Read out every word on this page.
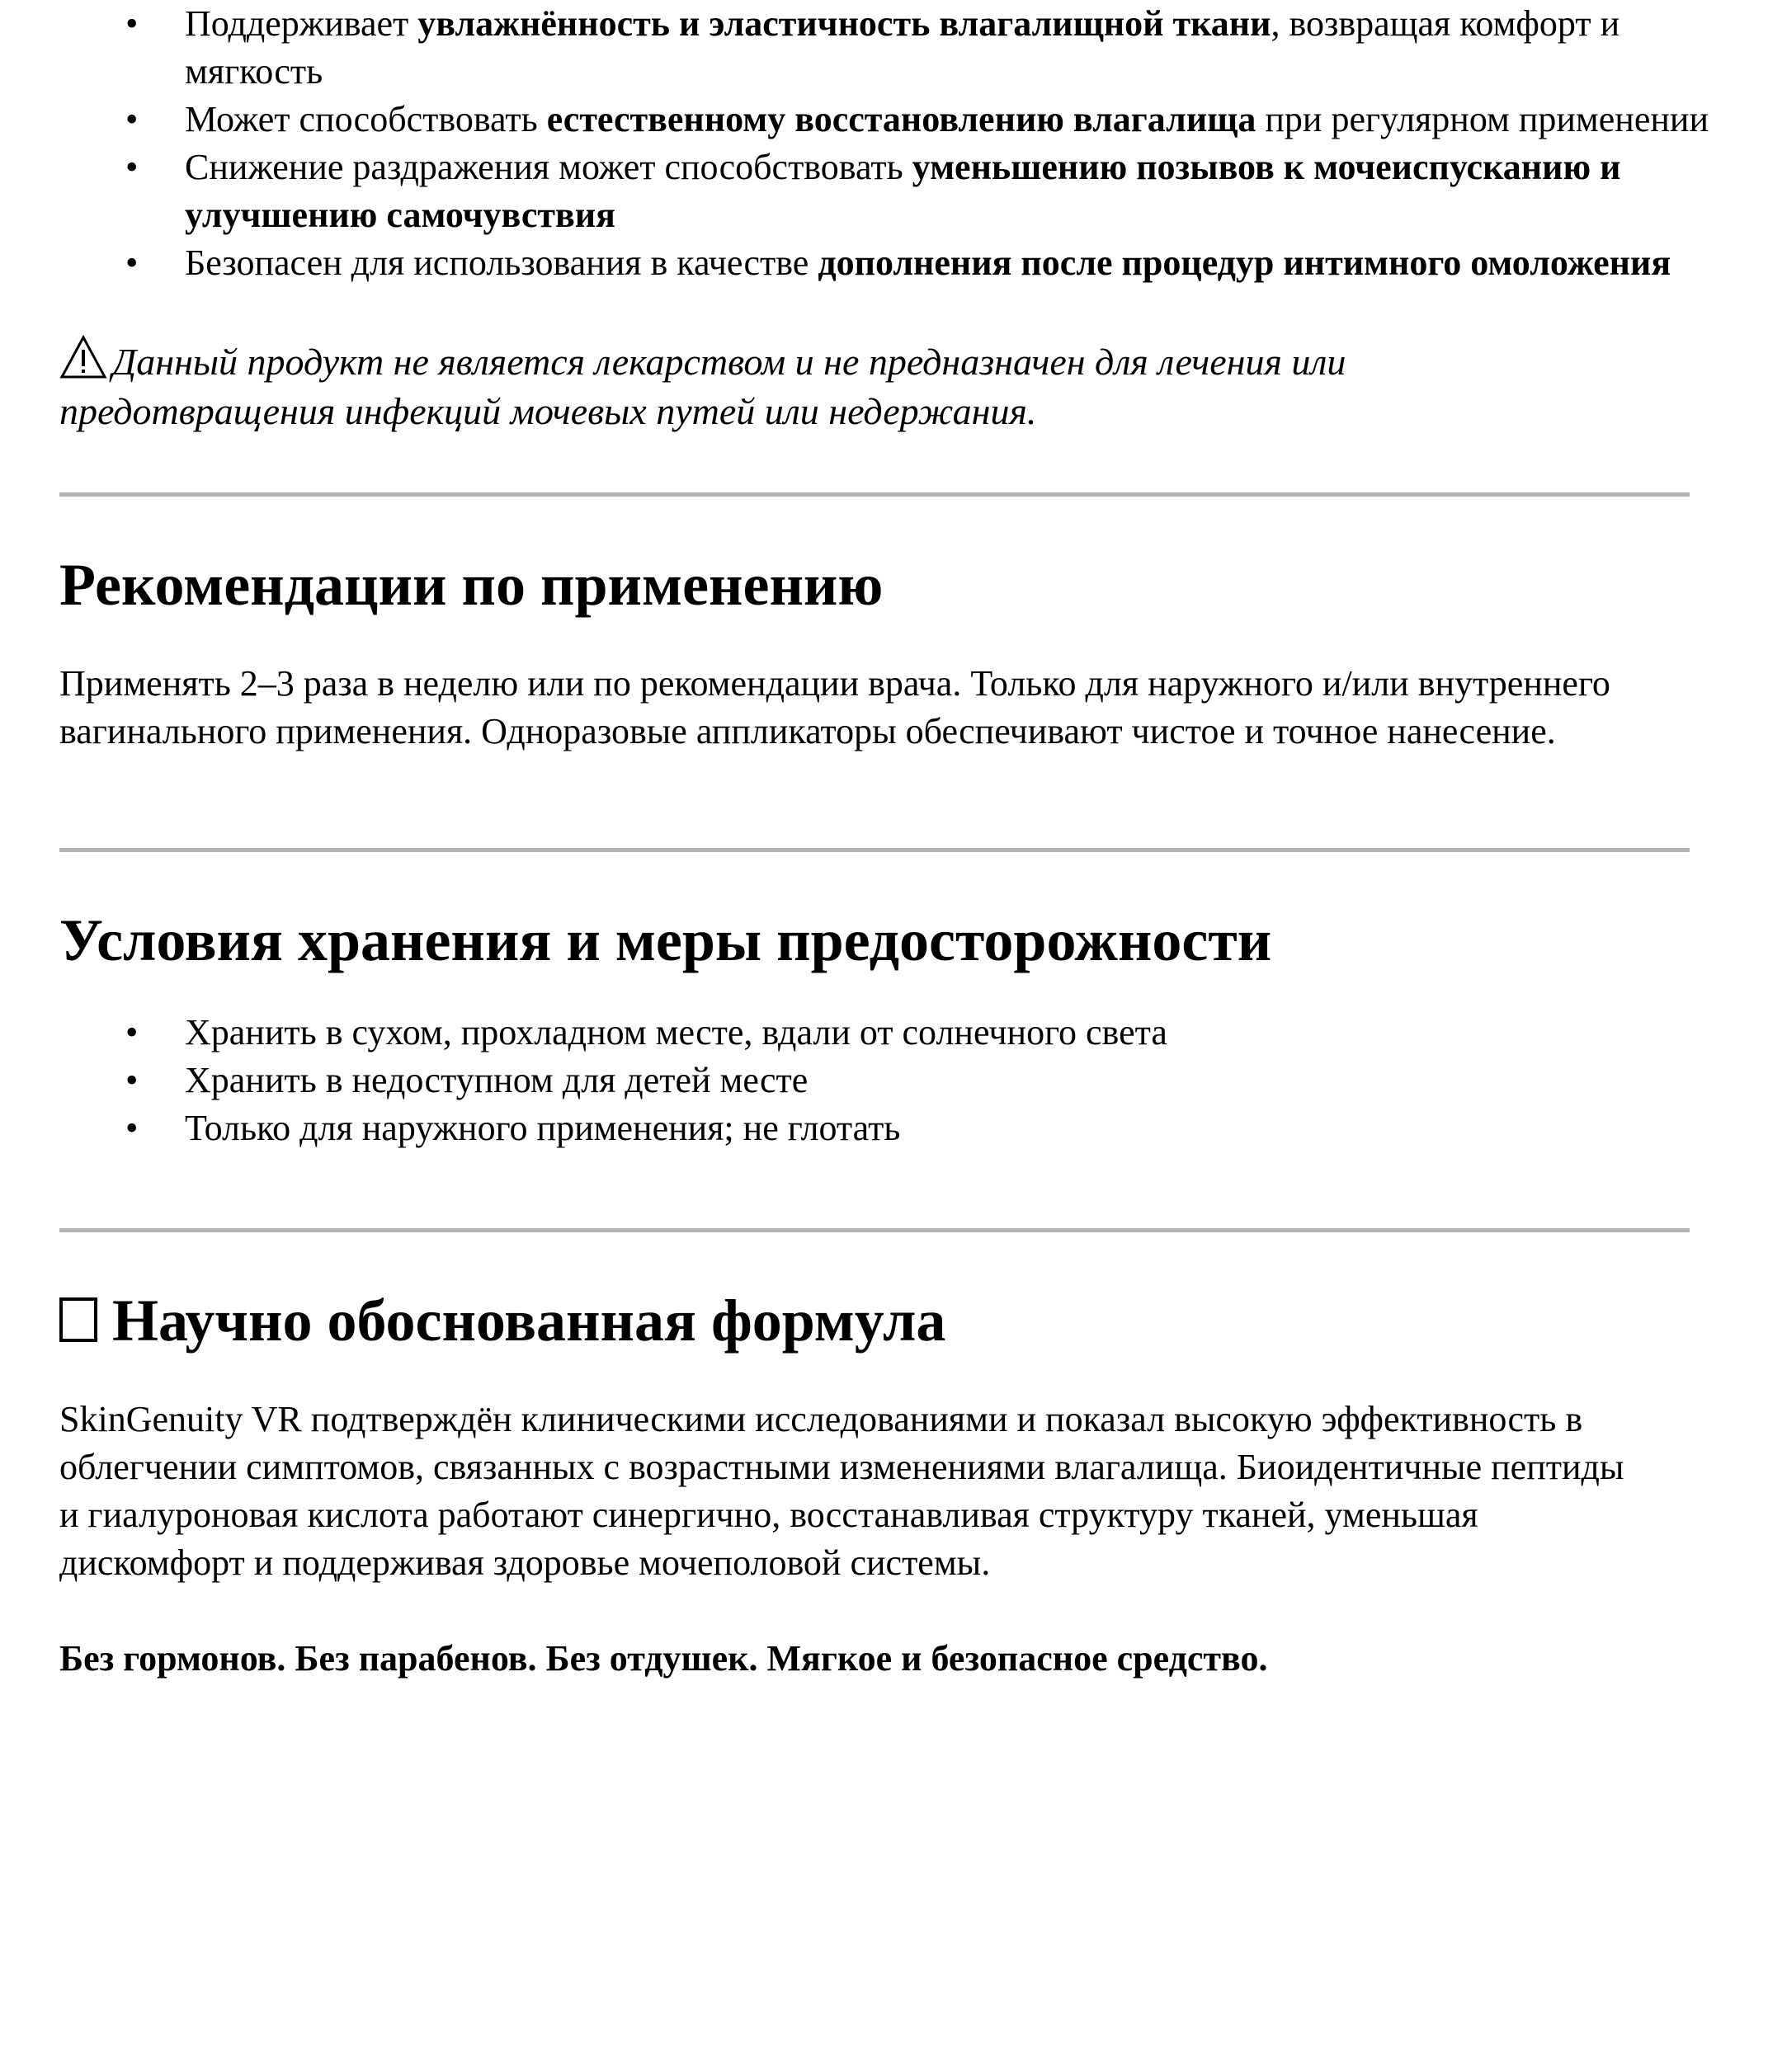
• Поддерживает увлажнённость и эластичность влагалищной ткани, возвращая комфорт и мягкость
• Может способствовать естественному восстановлению влагалища при регулярном применении
• Снижение раздражения может способствовать уменьшению позывов к мочеиспусканию и улучшению самочувствия
• Безопасен для использования в качестве дополнения после процедур интимного омоложения

Данный продукт не является лекарством и не предназначен для лечения или предотвращения инфекций мочевых путей или недержания.

Рекомендации по применению

Применять 2–3 раза в неделю или по рекомендации врача. Только для наружного и/или внутреннего вагинального применения. Одноразовые аппликаторы обеспечивают чистое и точное нанесение.

Условия хранения и меры предосторожности
• Хранить в сухом, прохладном месте, вдали от солнечного света
• Хранить в недоступном для детей месте
• Только для наружного применения; не глотать
Научно обоснованная формула

SkinGenuity VR подтверждён клиническими исследованиями и показал высокую эффективность в облегчении симптомов, связанных с возрастными изменениями влагалища. Биоидентичные пептиды и гиалуроновая кислота работают синергично, восстанавливая структуру тканей, уменьшая дискомфорт и поддерживая здоровье мочеполовой системы.

Без гормонов. Без парабенов. Без отдушек. Мягкое и безопасное средство.
